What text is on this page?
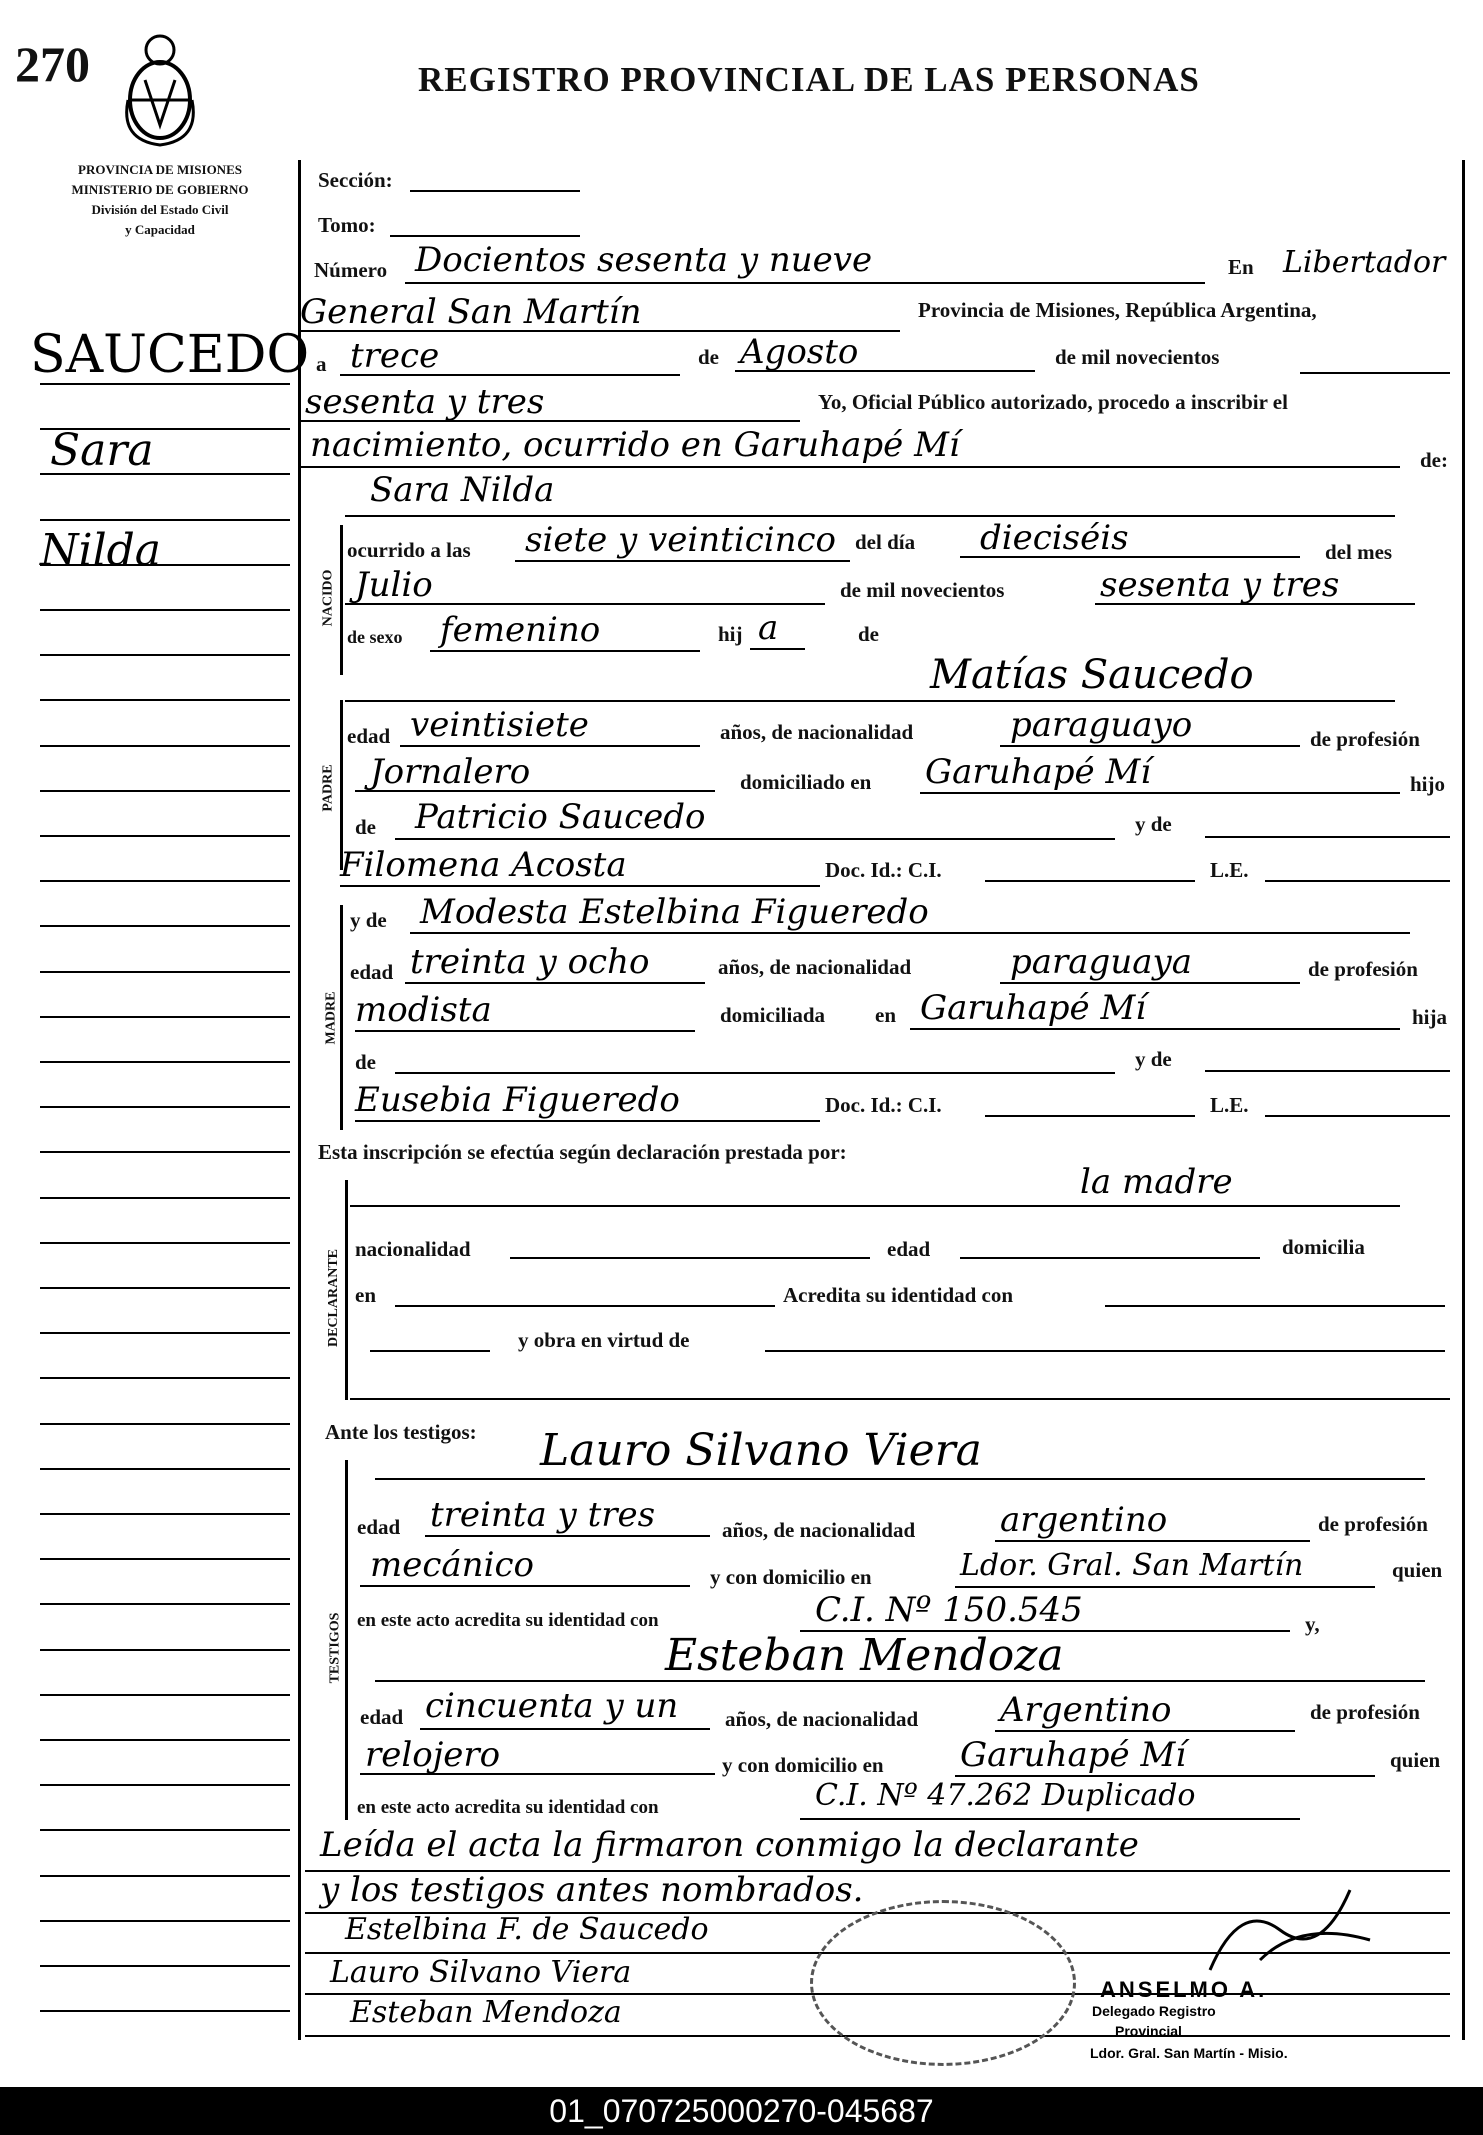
270	REGISTRO PROVINCIAL DE LAS PERSONAS
PROVINCIA DE MISIONES
MINISTERIO DE GOBIERNO
División del Estado Civil
y Capacidad
SAUCEDO
Sara
Nilda
Sección:
Tomo:
Número Docientos sesenta y nueve	En Libertador
General San Martín	Provincia de Misiones, República Argentina,
a trece	de Agosto	de mil novecientos
sesenta y tres	Yo, Oficial Público autorizado, procedo a inscribir el
nacimiento, ocurrido en Garuhapé Mí	de:
NACIDO
Sara Nilda
ocurrido a las siete y veinticinco del día dieciséis	del mes
Julio	de mil novecientos	sesenta y tres
de sexo femenino	hij a	de
PADRE
Matías Saucedo
edad veintisiete	años, de nacionalidad	paraguayo	de profesión
Jornalero	domiciliado en Garuhapé Mí	hijo
de Patricio Saucedo	y de
Filomena Acosta	Doc. Id.: C.I.	L.E.
MADRE
y de Modesta Estelbina Figueredo
edad treinta y ocho	años, de nacionalidad	paraguaya	de profesión
modista	domiciliada en Garuhapé Mí	hija
de	y de
Eusebia Figueredo	Doc. Id.: C.I.	L.E.
Esta inscripción se efectúa según declaración prestada por:
DECLARANTE
la madre
nacionalidad	edad	domicilia
en	Acredita su identidad con
y obra en virtud de
Ante los testigos:
TESTIGOS
Lauro Silvano Viera
edad treinta y tres	años, de nacionalidad argentino	de profesión
mecánico	y con domicilio en	Ldor. Gral. San Martín	quien
en este acto acredita su identidad con	C.I. Nº 150.545	y,
Esteban Mendoza
edad cincuenta y un años, de nacionalidad Argentino	de profesión
relojero	y con domicilio en Garuhapé Mí	quien
en este acto acredita su identidad con	C.I. Nº 47.262 Duplicado
Leída el acta la firmaron conmigo la declarante
y los testigos antes nombrados.
Estelbina F. de Saucedo
Lauro Silvano Viera
Esteban Mendoza
ANSELMO A.
Delegado Registro
Provincial
Ldor. Gral. San Martín - Misio.
01_070725000270-045687
